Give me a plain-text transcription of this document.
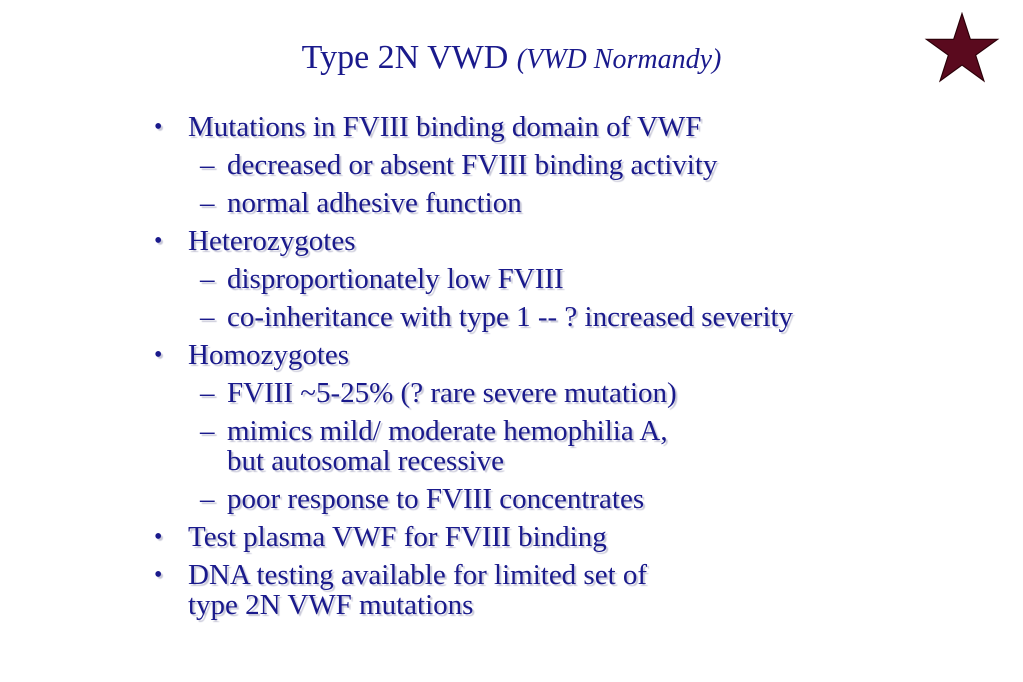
Type 2N VWD (VWD Normandy)
• Mutations in FVIII binding domain of VWF
– decreased or absent FVIII binding activity
– normal adhesive function
• Heterozygotes
– disproportionately low FVIII
– co-inheritance with type 1 -- ? increased severity
• Homozygotes
– FVIII ~5-25% (? rare severe mutation)
– mimics mild/ moderate hemophilia A,
but autosomal recessive
– poor response to FVIII concentrates
• Test plasma VWF for FVIII binding
• DNA testing available for limited set of
type 2N VWF mutations
